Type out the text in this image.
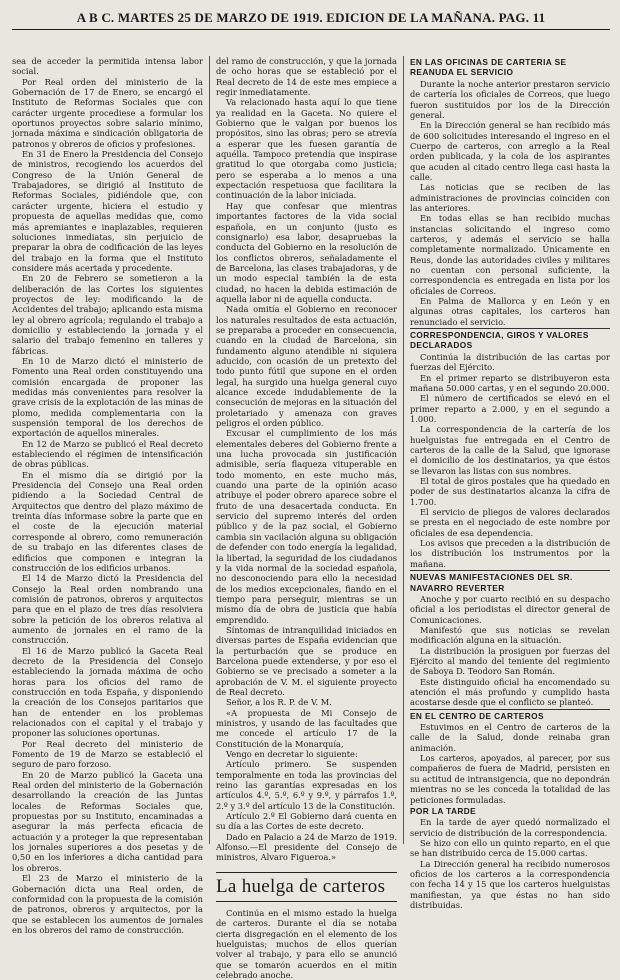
A B C. MARTES 25 DE MARZO DE 1919. EDICION DE LA MAÑANA. PAG. 11

sea de acceder la permitida intensa labor social.

Por Real orden del ministerio de la Gobernación de 17 de Enero, se encargó el Instituto de Reformas Sociales que con carácter urgente procediese a formular los oportunos proyectos sobre salario mínimo, jornada máxima e sindicación obligatoria de patronos y obreros de oficios y profesiones.

En 31 de Enero la Presidencia del Consejo de ministros, recogiendo los acuerdos del Congreso de la Unión General de Trabajadores, se dirigió al Instituto de Reformas Sociales, pidiéndole que, con carácter urgente, hiciera el estudio y propuesta de aquellas medidas que, como más apremiantes e inaplazables, requieren soluciones inmediatas, sin perjuicio de preparar la obra de codificación de las leyes del trabajo en la forma que el Instituto considere más acertada y procedente.

En 20 de Febrero se sometieron a la deliberación de las Cortes los siguientes proyectos de ley: modificando la de Accidentes del trabajo; aplicando esta misma ley al obrero agrícola; regulando el trabajo a domicilio y estableciendo la jornada y el salario del trabajo femenino en talleres y fábricas.

En 10 de Marzo dictó el ministerio de Fomento una Real orden constituyendo una comisión encargada de proponer las medidas más convenientes para resolver la grave crisis de la explotación de las minas de plomo, medida complementaria con la suspensión temporal de los derechos de exportación de aquellos minerales.

En 12 de Marzo se publicó el Real decreto estableciendo el régimen de intensificación de obras públicas.

En el mismo día se dirigió por la Presidencia del Consejo una Real orden pidiendo a la Sociedad Central de Arquitectos que dentro del plazo máximo de treinta días informase sobre la parte que en el coste de la ejecución material corresponde al obrero, como remuneración de su trabajo en las diferentes clases de edificios que componen e integran la construcción de los edificios urbanos.

El 14 de Marzo dictó la Presidencia del Consejo la Real orden nombrando una comisión de patronos, obreros y arquitectos para que en el plazo de tres días resolviera sobre la petición de los obreros relativa al aumento de jornales en el ramo de la construcción.

El 16 de Marzo publicó la Gaceta Real decreto de la Presidencia del Consejo estableciendo la jornada máxima de ocho horas para los oficios del ramo de construcción en toda España, y disponiendo la creación de los Consejos paritarios que han de entender en los problemas relacionados con el capital y el trabajo y proponer las soluciones oportunas.

Por Real decreto del ministerio de Fomento de 19 de Marzo se estableció el seguro de paro forzoso.

En 20 de Marzo publicó la Gaceta una Real orden del ministerio de la Gobernación desarrollando la creación de las Juntas locales de Reformas Sociales que, propuestas por su Instituto, encaminadas a asegurar la más perfecta eficacia de actuación y a proteger la que representaban los jornales superiores a dos pesetas y de 0,50 en los inferiores a dicha cantidad para los obreros.

El 23 de Marzo el ministerio de la Gobernación dicta una Real orden, de conformidad con la propuesta de la comisión de patronos, obreros y arquitectos, por la que se establecen los aumentos de jornales en los obreros del ramo de construcción.

del ramo de construcción, y que la jornada de ocho horas que se estableció por el Real decreto de 14 de este mes empiece a regir inmediatamente.

Va relacionado hasta aquí lo que tiene ya realidad en la Gaceta. No quiere el Gobierno que le valgan por buenos los propósitos, sino las obras; pero se atrevía a esperar que les fuesen garantía de aquélla. Tampoco pretendía que inspirase gratitud lo que otorgaba como justicia; pero se esperaba a lo menos a una expectación respetuosa que facilitara la continuación de la labor iniciada.

Hay que confesar que mientras importantes factores de la vida social española, en un conjunto (justo es consignarlo) esa labor, desapruebas la conducta del Gobierno en la resolución de los conflictos obreros, señaladamente el de Barcelona, las clases trabajadoras, y de un modo especial también la de esta ciudad, no hacen la debida estimación de aquella labor ni de aquella conducta.

Nada omitía el Gobierno en reconocer los naturales resultados de esta actuación, se preparaba a proceder en consecuencia, cuando en la ciudad de Barcelona, sin fundamento alguno atendible ni siquiera aducido, con ocasión de un pretexto del todo punto fútil que supone en el orden legal, ha surgido una huelga general cuyo alcance excede indudablemente de la consecución de mejoras en la situación del proletariado y amenaza con graves peligros el orden público.

Excusar el cumplimiento de los más elementales deberes del Gobierno frente a una lucha provocada sin justificación admisible, sería flaqueza vituperable en todo momento, en este mucho más, cuando una parte de la opinión acaso atribuye el poder obrero aparece sobre el fruto de una desacertada conducta. En servicio del supremo interés del orden público y de la paz social, el Gobierno cambia sin vacilación alguna su obligación de defender con todo energía la legalidad, la libertad, la seguridad de los ciudadanos y la vida normal de la sociedad española, no desconociendo para ello la necesidad de los medios excepcionales, fiando en el tiempo para perseguir, mientras se un mismo día de obra de justicia que había emprendido.

Síntomas de intranquilidad iniciados en diversas partes de España evidencian que la perturbación que se produce en Barcelona puede extenderse, y por eso el Gobierno se ve precisado a someter a la aprobación de V. M. el siguiente proyecto de Real decreto.

Señor, a los R. P. de V. M.

«A propuesta de Mi Consejo de ministros, y usando de las facultades que me concede el artículo 17 de la Constitución de la Monarquía,

Vengo en decretar lo siguiente:

Artículo primero. Se suspenden temporalmente en toda las provincias del reino las garantías expresadas en los artículos 4.º, 5.º, 6.º y 9.º, y párrafos 1.º, 2.º y 3.º del artículo 13 de la Constitución.

Artículo 2.º El Gobierno dará cuenta en su día a las Cortes de este decreto.

Dado en Palacio a 24 de Marzo de 1919. Alfonso.—El presidente del Consejo de ministros, Alvaro Figueroa.»

La huelga de carteros

Continúa en el mismo estado la huelga de carteros. Durante el día se notaba cierta disgregación en el elemento de los huelguistas; muchos de ellos querían volver al trabajo, y para ello se anunció que se tomarón acuerdos en el mitin celebrado anoche.

EN LAS OFICINAS DE CARTERIA SE REANUDA EL SERVICIO

Durante la noche anterior prestaron servicio de cartería los oficiales de Correos, que luego fueron sustituidos por los de la Dirección general.

En la Dirección general se han recibido más de 600 solicitudes interesando el ingreso en el Cuerpo de carteros, con arreglo a la Real orden publicada, y la cola de los aspirantes que acuden al citado centro llega casi hasta la calle.

Las noticias que se reciben de las administraciones de provincias coinciden con las anteriores.

En todas ellas se han recibido muchas instancias solicitando el ingreso como carteros, y además el servicio se halla completamente normalizado. Únicamente en Reus, donde las autoridades civiles y militares no cuentan con personal suficiente, la correspondencia es entregada en lista por los oficiales de Correos.

En Palma de Mallorca y en León y en algunas otras capitales, los carteros han renunciado el servicio.

CORRESPONDENCIA, GIROS Y VALORES DECLARADOS

Continúa la distribución de las cartas por fuerzas del Ejército.

En el primer reparto se distribuyeron esta mañana 50.000 cartas, y en el segundo 20.000.

El número de certificados se elevó en el primer reparto a 2.000, y en el segundo a 1.000.

La correspondencia de la cartería de los huelguistas fue entregada en el Centro de carteros de la calle de la Salud, que ignorase el domicilio de los destinatarios, ya que éstos se llevaron las listas con sus nombres.

El total de giros postales que ha quedado en poder de sus destinatarios alcanza la cifra de 1.700.

El servicio de pliegos de valores declarados se presta en el negociado de este nombre por oficiales de esa dependencia.

Los avisos que preceden a la distribución de los distribución los instrumentos por la mañana.

NUEVAS MANIFESTACIONES DEL SR. NAVARRO REVERTER

Anoche y por cuarto recibió en su despacho oficial a los periodistas el director general de Comunicaciones.

Manifestó que sus noticias se revelan modificación alguna en la situación.

La distribución la prosiguen por fuerzas del Ejército al mando del teniente del regimiento de Saboya D. Teodoro San Román.

Este distinguido oficial ha encomendado su atención el más profundo y cumplido hasta acostarse desde que el conflicto se planteó.

EN EL CENTRO DE CARTEROS

Estuvimos en el Centro de carteros de la calle de la Salud, donde reinaba gran animación.

Los carteros, apoyados, al parecer, por sus compañeros de fuera de Madrid, persisten en su actitud de intransigencia, que no depondrán mientras no se les conceda la totalidad de las peticiones formuladas.

POR LA TARDE

En la tarde de ayer quedó normalizado el servicio de distribución de la correspondencia.

Se hizo con ello un quinto reparto, en el que se han distribuido cerca de 15.000 cartas.

La Dirección general ha recibido numerosos oficios de los carteros a la correspondencia con fecha 14 y 15 que los carteros huelguistas manifiestan, ya que éstas no han sido distribuidas.
